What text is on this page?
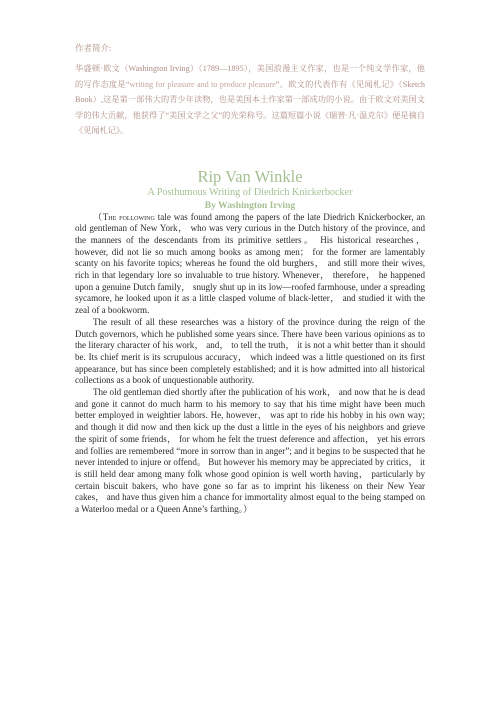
作者简介:

华盛顿·欧文（Washington Irving）（1789—1895），美国浪漫主义作家，也是一个纯文学作家，他的写作态度是“writing for pleasure and to produce pleasure”。欧文的代表作有《见闻札记》（Sketch Book）,这是第一部伟大的青少年读物，也是美国本土作家第一部成功的小说。由于欧文对美国文学的伟大贡献，他获得了“美国文学之父”的光荣称号。这篇短篇小说《瑞普·凡·温克尔》便是摘自《见闻札记》。

Rip Van Winkle
A Posthumous Writing of Diedrich Knickerbocker
By Washington Irving

（The following tale was found among the papers of the late Diedrich Knickerbocker, an old gentleman of New York， who was very curious in the Dutch history of the province, and the manners of the descendants from its primitive settlers。 His historical researches， however, did not lie so much among books as among men； for the former are lamentably scanty on his favorite topics; whereas he found the old burghers， and still more their wives, rich in that legendary lore so invaluable to true history. Whenever， therefore， he happened upon a genuine Dutch family， snugly shut up in its low—roofed farmhouse, under a spreading sycamore, he looked upon it as a little clasped volume of black-letter， and studied it with the zeal of a bookworm.

The result of all these researches was a history of the province during the reign of the Dutch governors, which he published some years since. There have been various opinions as to the literary character of his work， and， to tell the truth， it is not a whit better than it should be. Its chief merit is its scrupulous accuracy， which indeed was a little questioned on its first appearance, but has since been completely established; and it is how admitted into all historical collections as a book of unquestionable authority.

The old gentleman died shortly after the publication of his work， and now that he is dead and gone it cannot do much harm to his memory to say that his time might have been much better employed in weightier labors. He, however， was apt to ride his hobby in his own way; and though it did now and then kick up the dust a little in the eyes of his neighbors and grieve the spirit of some friends， for whom he felt the truest deference and affection， yet his errors and follies are remembered “more in sorrow than in anger”; and it begins to be suspected that he never intended to injure or offend。 But however his memory may be appreciated by critics， it is still held dear among many folk whose good opinion is well worth having， particularly by certain biscuit bakers, who have gone so far as to imprint his likeness on their New Year cakes， and have thus given him a chance for immortality almost equal to the being stamped on a Waterloo medal or a Queen Anne’s farthing。）
